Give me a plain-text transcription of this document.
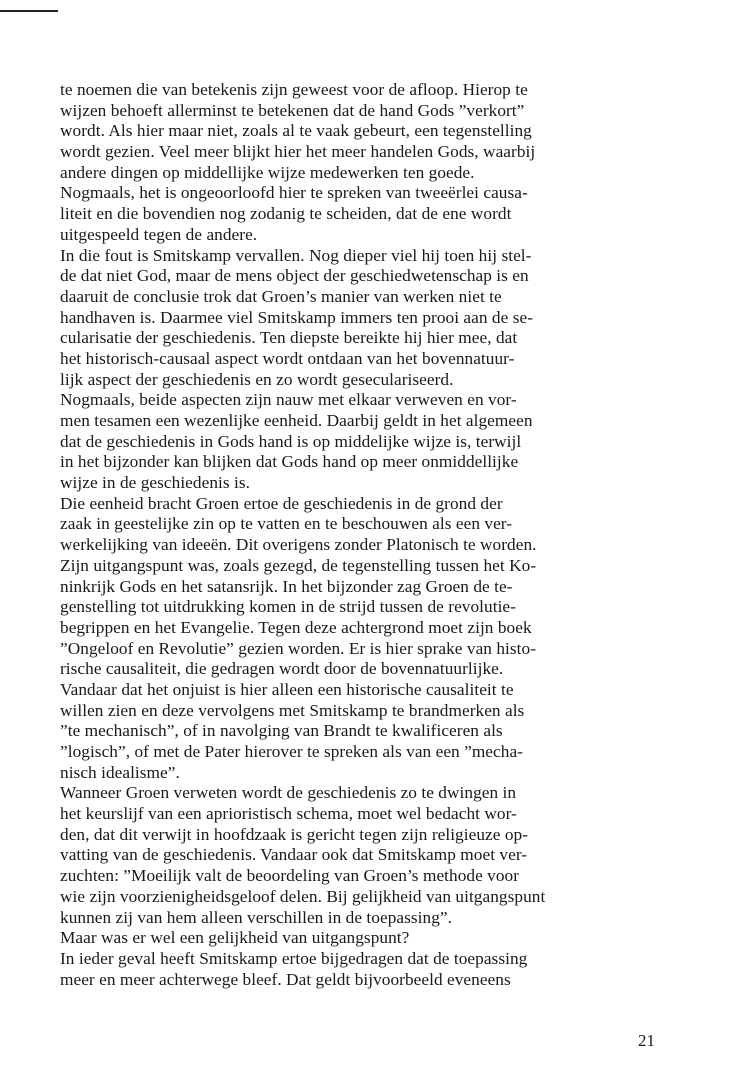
te noemen die van betekenis zijn geweest voor de afloop. Hierop te
wijzen behoeft allerminst te betekenen dat de hand Gods ”verkort”
wordt. Als hier maar niet, zoals al te vaak gebeurt, een tegenstelling
wordt gezien. Veel meer blijkt hier het meer handelen Gods, waarbij
andere dingen op middellijke wijze medewerken ten goede.
Nogmaals, het is ongeoorloofd hier te spreken van tweeërlei causa-
liteit en die bovendien nog zodanig te scheiden, dat de ene wordt
uitgespeeld tegen de andere.
In die fout is Smitskamp vervallen. Nog dieper viel hij toen hij stel-
de dat niet God, maar de mens object der geschiedwetenschap is en
daaruit de conclusie trok dat Groen’s manier van werken niet te
handhaven is. Daarmee viel Smitskamp immers ten prooi aan de se-
cularisatie der geschiedenis. Ten diepste bereikte hij hier mee, dat
het historisch-causaal aspect wordt ontdaan van het bovennatuur-
lijk aspect der geschiedenis en zo wordt geseculariseerd.
Nogmaals, beide aspecten zijn nauw met elkaar verweven en vor-
men tesamen een wezenlijke eenheid. Daarbij geldt in het algemeen
dat de geschiedenis in Gods hand is op middelijke wijze is, terwijl
in het bijzonder kan blijken dat Gods hand op meer onmiddellijke
wijze in de geschiedenis is.
Die eenheid bracht Groen ertoe de geschiedenis in de grond der
zaak in geestelijke zin op te vatten en te beschouwen als een ver-
werkelijking van ideeën. Dit overigens zonder Platonisch te worden.
Zijn uitgangspunt was, zoals gezegd, de tegenstelling tussen het Ko-
ninkrijk Gods en het satansrijk. In het bijzonder zag Groen de te-
genstelling tot uitdrukking komen in de strijd tussen de revolutie-
begrippen en het Evangelie. Tegen deze achtergrond moet zijn boek
”Ongeloof en Revolutie” gezien worden. Er is hier sprake van histo-
rische causaliteit, die gedragen wordt door de bovennatuurlijke.
Vandaar dat het onjuist is hier alleen een historische causaliteit te
willen zien en deze vervolgens met Smitskamp te brandmerken als
”te mechanisch”, of in navolging van Brandt te kwalificeren als
”logisch”, of met de Pater hierover te spreken als van een ”mecha-
nisch idealisme”.
Wanneer Groen verweten wordt de geschiedenis zo te dwingen in
het keurslijf van een aprioristisch schema, moet wel bedacht wor-
den, dat dit verwijt in hoofdzaak is gericht tegen zijn religieuze op-
vatting van de geschiedenis. Vandaar ook dat Smitskamp moet ver-
zuchten: ”Moeilijk valt de beoordeling van Groen’s methode voor
wie zijn voorzienigheidsgeloof delen. Bij gelijkheid van uitgangspunt
kunnen zij van hem alleen verschillen in de toepassing”.
Maar was er wel een gelijkheid van uitgangspunt?
In ieder geval heeft Smitskamp ertoe bijgedragen dat de toepassing
meer en meer achterwege bleef. Dat geldt bijvoorbeeld eveneens
21
